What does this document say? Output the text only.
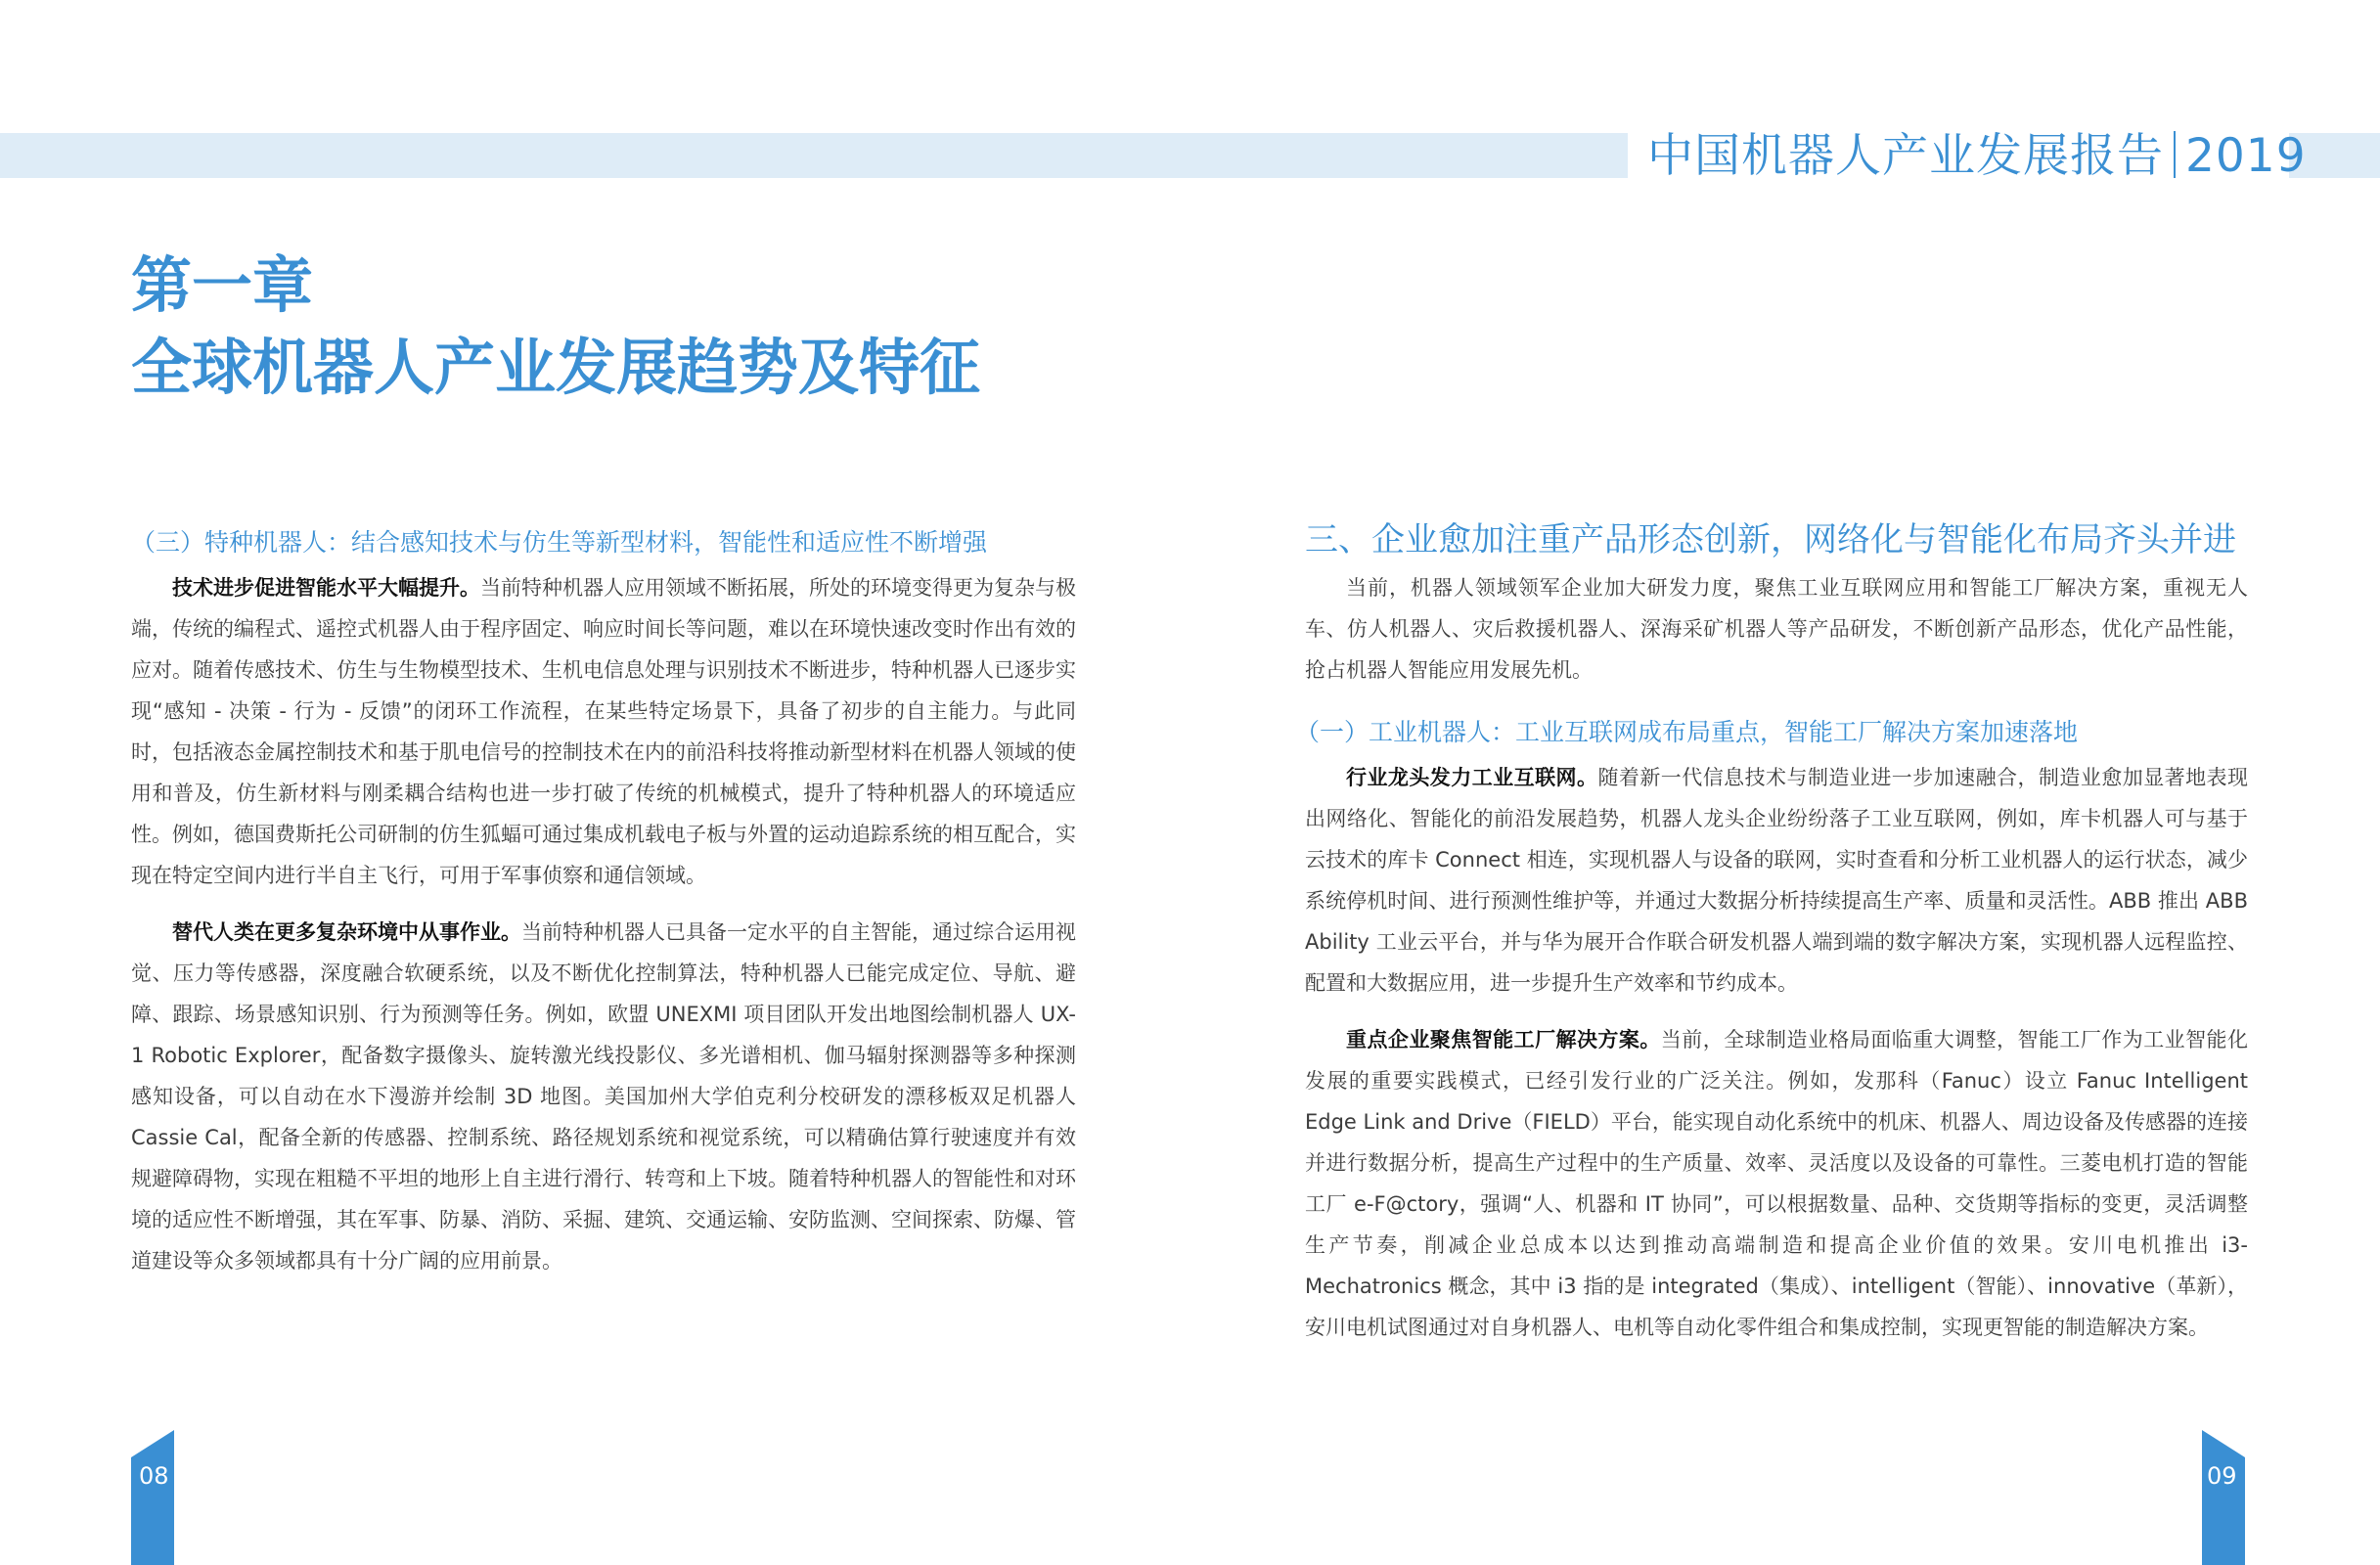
中国机器人产业发展报告 2019
第一章
全球机器人产业发展趋势及特征
（三）特种机器人：结合感知技术与仿生等新型材料，智能性和适应性不断增强

技术进步促进智能水平大幅提升。当前特种机器人应用领域不断拓展，所处的环境变得更为复杂与极端，传统的编程式、遥控式机器人由于程序固定、响应时间长等问题，难以在环境快速改变时作出有效的应对。随着传感技术、仿生与生物模型技术、生机电信息处理与识别技术不断进步，特种机器人已逐步实现“感知 - 决策 - 行为 - 反馈”的闭环工作流程，在某些特定场景下，具备了初步的自主能力。与此同时，包括液态金属控制技术和基于肌电信号的控制技术在内的前沿科技将推动新型材料在机器人领域的使用和普及，仿生新材料与刚柔耦合结构也进一步打破了传统的机械模式，提升了特种机器人的环境适应性。例如，德国费斯托公司研制的仿生狐蝠可通过集成机载电子板与外置的运动追踪系统的相互配合，实现在特定空间内进行半自主飞行，可用于军事侦察和通信领域。

替代人类在更多复杂环境中从事作业。当前特种机器人已具备一定水平的自主智能，通过综合运用视觉、压力等传感器，深度融合软硬系统，以及不断优化控制算法，特种机器人已能完成定位、导航、避障、跟踪、场景感知识别、行为预测等任务。例如，欧盟 UNEXMI 项目团队开发出地图绘制机器人 UX-1 Robotic Explorer，配备数字摄像头、旋转激光线投影仪、多光谱相机、伽马辐射探测器等多种探测感知设备，可以自动在水下漫游并绘制 3D 地图。美国加州大学伯克利分校研发的漂移板双足机器人 Cassie Cal，配备全新的传感器、控制系统、路径规划系统和视觉系统，可以精确估算行驶速度并有效规避障碍物，实现在粗糙不平坦的地形上自主进行滑行、转弯和上下坡。随着特种机器人的智能性和对环境的适应性不断增强，其在军事、防暴、消防、采掘、建筑、交通运输、安防监测、空间探索、防爆、管道建设等众多领域都具有十分广阔的应用前景。

三、企业愈加注重产品形态创新，网络化与智能化布局齐头并进

当前，机器人领域领军企业加大研发力度，聚焦工业互联网应用和智能工厂解决方案，重视无人车、仿人机器人、灾后救援机器人、深海采矿机器人等产品研发，不断创新产品形态，优化产品性能，抢占机器人智能应用发展先机。

（一）工业机器人：工业互联网成布局重点，智能工厂解决方案加速落地

行业龙头发力工业互联网。随着新一代信息技术与制造业进一步加速融合，制造业愈加显著地表现出网络化、智能化的前沿发展趋势，机器人龙头企业纷纷落子工业互联网，例如，库卡机器人可与基于云技术的库卡 Connect 相连，实现机器人与设备的联网，实时查看和分析工业机器人的运行状态，减少系统停机时间、进行预测性维护等，并通过大数据分析持续提高生产率、质量和灵活性。ABB 推出 ABB Ability 工业云平台，并与华为展开合作联合研发机器人端到端的数字解决方案，实现机器人远程监控、配置和大数据应用，进一步提升生产效率和节约成本。

重点企业聚焦智能工厂解决方案。当前，全球制造业格局面临重大调整，智能工厂作为工业智能化发展的重要实践模式，已经引发行业的广泛关注。例如，发那科（Fanuc）设立 Fanuc Intelligent Edge Link and Drive（FIELD）平台，能实现自动化系统中的机床、机器人、周边设备及传感器的连接并进行数据分析，提高生产过程中的生产质量、效率、灵活度以及设备的可靠性。三菱电机打造的智能工厂 e-F@ctory，强调“人、机器和 IT 协同”，可以根据数量、品种、交货期等指标的变更，灵活调整生产节奏，削减企业总成本以达到推动高端制造和提高企业价值的效果。安川电机推出 i3-Mechatronics 概念，其中 i3 指的是 integrated（集成）、intelligent（智能）、innovative（革新），安川电机试图通过对自身机器人、电机等自动化零件组合和集成控制，实现更智能的制造解决方案。

08	09
